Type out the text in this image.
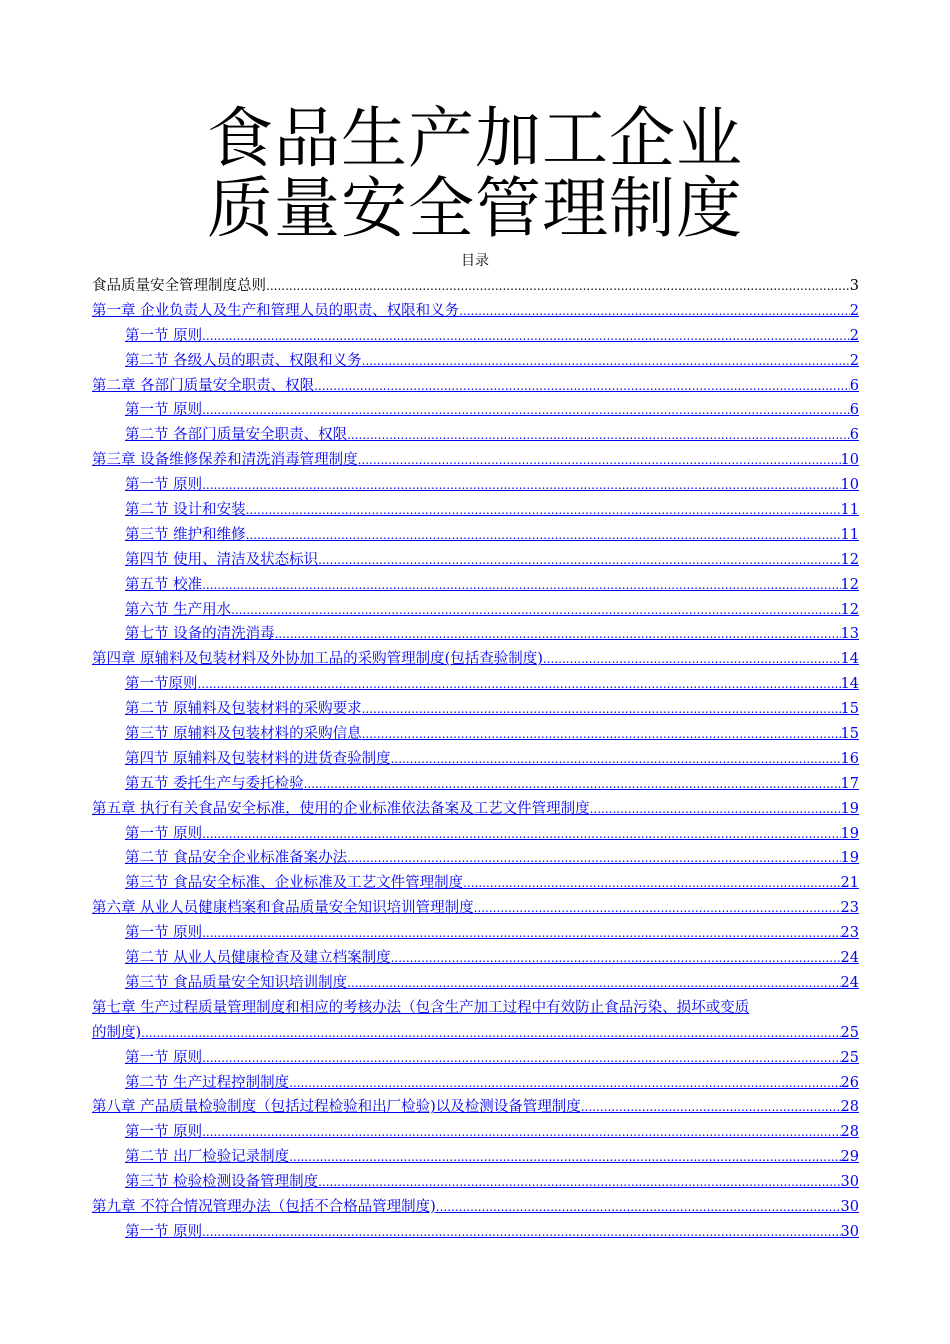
食品生产加工企业
质量安全管理制度
目录
食品质量安全管理制度总则 .....	3
第一章 企业负责人及生产和管理人员的职责、权限和义务 .....	2
第一节 原则 .....	2
第二节 各级人员的职责、权限和义务 .....	2
第二章 各部门质量安全职责、权限 .....	6
第一节 原则 .....	6
第二节 各部门质量安全职责、权限 .....	6
第三章 设备维修保养和清洗消毒管理制度 .....	10
第一节 原则 .....	10
第二节 设计和安装 .....	11
第三节 维护和维修 .....	11
第四节 使用、清洁及状态标识 .....	12
第五节 校准 .....	12
第六节 生产用水 .....	12
第七节 设备的清洗消毒 .....	13
第四章 原辅料及包装材料及外协加工品的采购管理制度(包括查验制度) .....	14
第一节原则 .....	14
第二节 原辅料及包装材料的采购要求 .....	15
第三节 原辅料及包装材料的采购信息 .....	15
第四节 原辅料及包装材料的进货查验制度 .....	16
第五节 委托生产与委托检验 .....	17
第五章 执行有关食品安全标准，使用的企业标准依法备案及工艺文件管理制度 .....	19
第一节 原则 .....	19
第二节 食品安全企业标准备案办法 .....	19
第三节 食品安全标准、企业标准及工艺文件管理制度 .....	21
第六章 从业人员健康档案和食品质量安全知识培训管理制度 .....	23
第一节 原则 .....	23
第二节 从业人员健康检查及建立档案制度 .....	24
第三节 食品质量安全知识培训制度 .....	24
第七章 生产过程质量管理制度和相应的考核办法（包含生产加工过程中有效防止食品污染、损坏或变质
的制度) .....	25
第一节 原则 .....	25
第二节 生产过程控制制度 .....	26
第八章 产品质量检验制度（包括过程检验和出厂检验)以及检测设备管理制度 .....	28
第一节 原则 .....	28
第二节 出厂检验记录制度 .....	29
第三节 检验检测设备管理制度 .....	30
第九章 不符合情况管理办法（包括不合格品管理制度) .....	30
第一节 原则 .....	30
